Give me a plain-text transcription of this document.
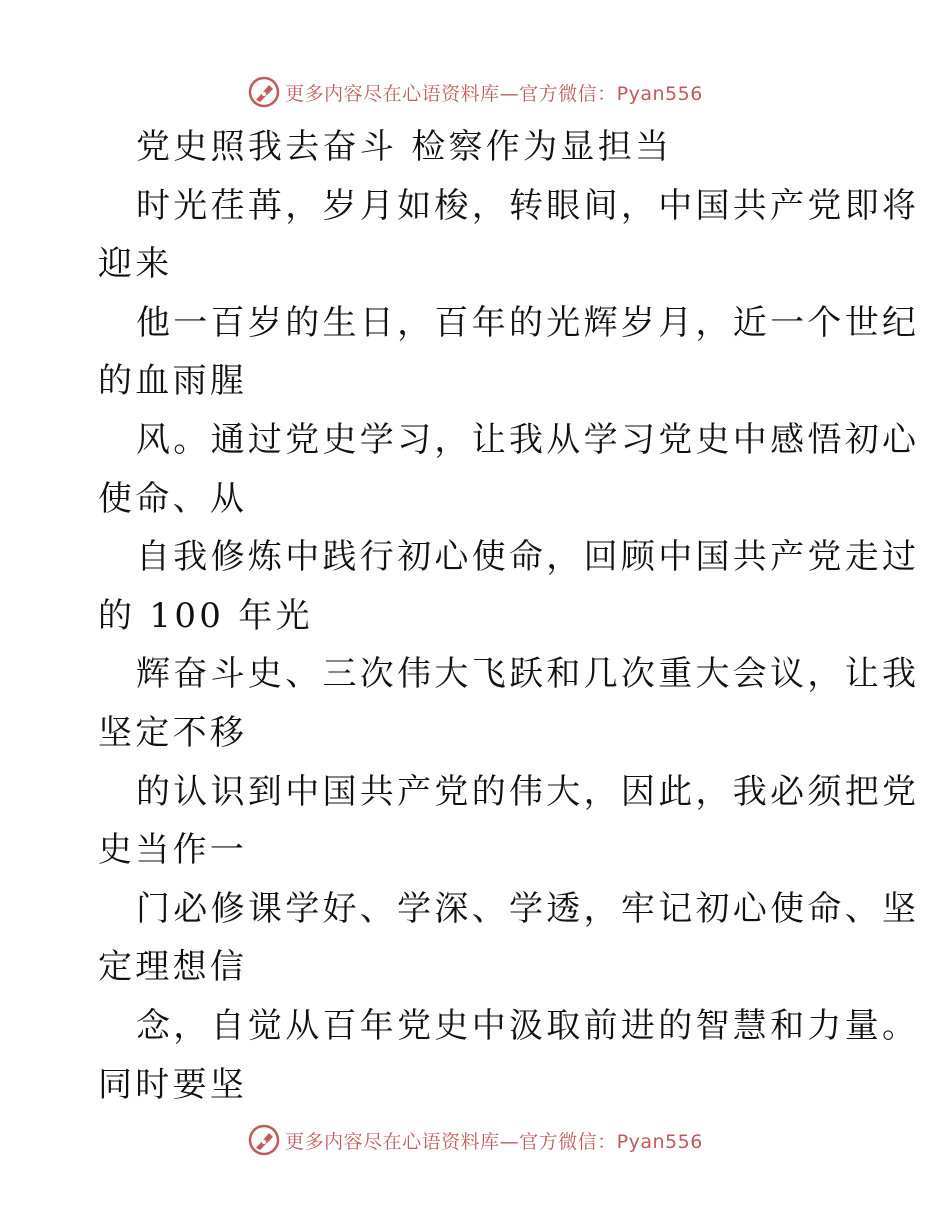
更多内容尽在心语资料库—官方微信：Pyan556
党史照我去奋斗 检察作为显担当
时光荏苒，岁月如梭，转眼间，中国共产党即将
迎来
他一百岁的生日，百年的光辉岁月，近一个世纪
的血雨腥
风。通过党史学习，让我从学习党史中感悟初心
使命、从
自我修炼中践行初心使命，回顾中国共产党走过
的 100 年光
辉奋斗史、三次伟大飞跃和几次重大会议，让我
坚定不移
的认识到中国共产党的伟大，因此，我必须把党
史当作一
门必修课学好、学深、学透，牢记初心使命、坚
定理想信
念，自觉从百年党史中汲取前进的智慧和力量。
同时要坚
更多内容尽在心语资料库—官方微信：Pyan556
